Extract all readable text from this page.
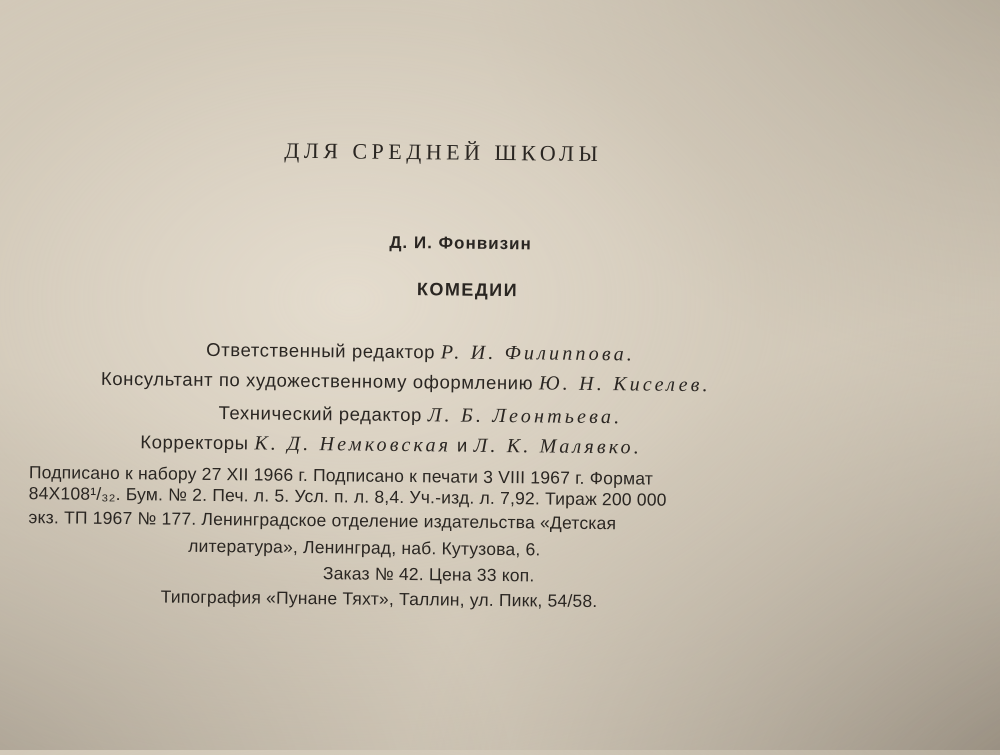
ДЛЯ СРЕДНЕЙ ШКОЛЫ
Д. И. Фонвизин
КОМЕДИИ
Ответственный редактор Р. И. Филиппова.
Консультант по художественному оформлению Ю. Н. Киселев.
Технический редактор Л. Б. Леонтьева.
Корректоры К. Д. Немковская и Л. К. Малявко.
Подписано к набору 27 XII 1966 г. Подписано к печати 3 VIII 1967 г. Формат
84X108¹/₃₂. Бум. № 2. Печ. л. 5. Усл. п. л. 8,4. Уч.-изд. л. 7,92. Тираж 200 000
экз. ТП 1967 № 177. Ленинградское отделение издательства «Детская
литература», Ленинград, наб. Кутузова, 6.
Заказ № 42. Цена 33 коп.
Типография «Пунане Тяхт», Таллин, ул. Пикк, 54/58.
